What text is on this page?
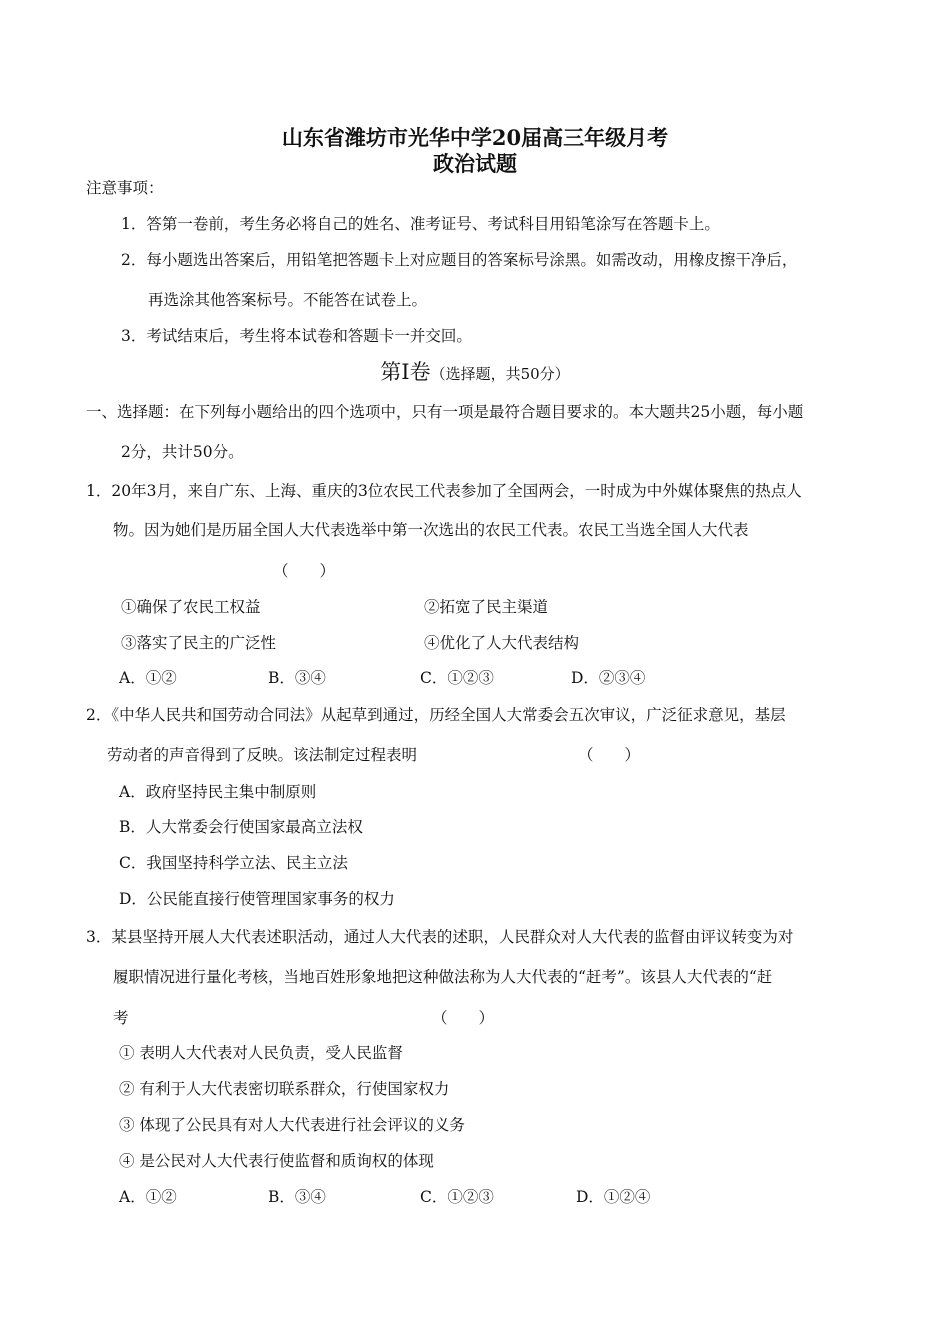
山东省潍坊市光华中学20届高三年级月考
政治试题
注意事项：
1．答第一卷前，考生务必将自己的姓名、准考证号、考试科目用铅笔涂写在答题卡上。
2．每小题选出答案后，用铅笔把答题卡上对应题目的答案标号涂黑。如需改动，用橡皮擦干净后，
再选涂其他答案标号。不能答在试卷上。
3．考试结束后，考生将本试卷和答题卡一并交回。
第Ⅰ卷（选择题，共50分）
一、选择题：在下列每小题给出的四个选项中，只有一项是最符合题目要求的。本大题共25小题，每小题
2分，共计50分。
1．20年3月，来自广东、上海、重庆的3位农民工代表参加了全国两会，一时成为中外媒体聚焦的热点人
物。因为她们是历届全国人大代表选举中第一次选出的农民工代表。农民工当选全国人大代表
（　　）
①确保了农民工权益	②拓宽了民主渠道
③落实了民主的广泛性	④优化了人大代表结构
A．①②	B．③④	C．①②③	D．②③④
2．《中华人民共和国劳动合同法》从起草到通过，历经全国人大常委会五次审议，广泛征求意见，基层
劳动者的声音得到了反映。该法制定过程表明	（　　）
A．政府坚持民主集中制原则
B．人大常委会行使国家最高立法权
C．我国坚持科学立法、民主立法
D．公民能直接行使管理国家事务的权力
3．某县坚持开展人大代表述职活动，通过人大代表的述职，人民群众对人大代表的监督由评议转变为对
履职情况进行量化考核，当地百姓形象地把这种做法称为人大代表的“赶考”。该县人大代表的“赶
考	（　　）
① 表明人大代表对人民负责，受人民监督
② 有利于人大代表密切联系群众，行使国家权力
③ 体现了公民具有对人大代表进行社会评议的义务
④ 是公民对人大代表行使监督和质询权的体现
A．①②	B．③④	C．①②③	D．①②④
